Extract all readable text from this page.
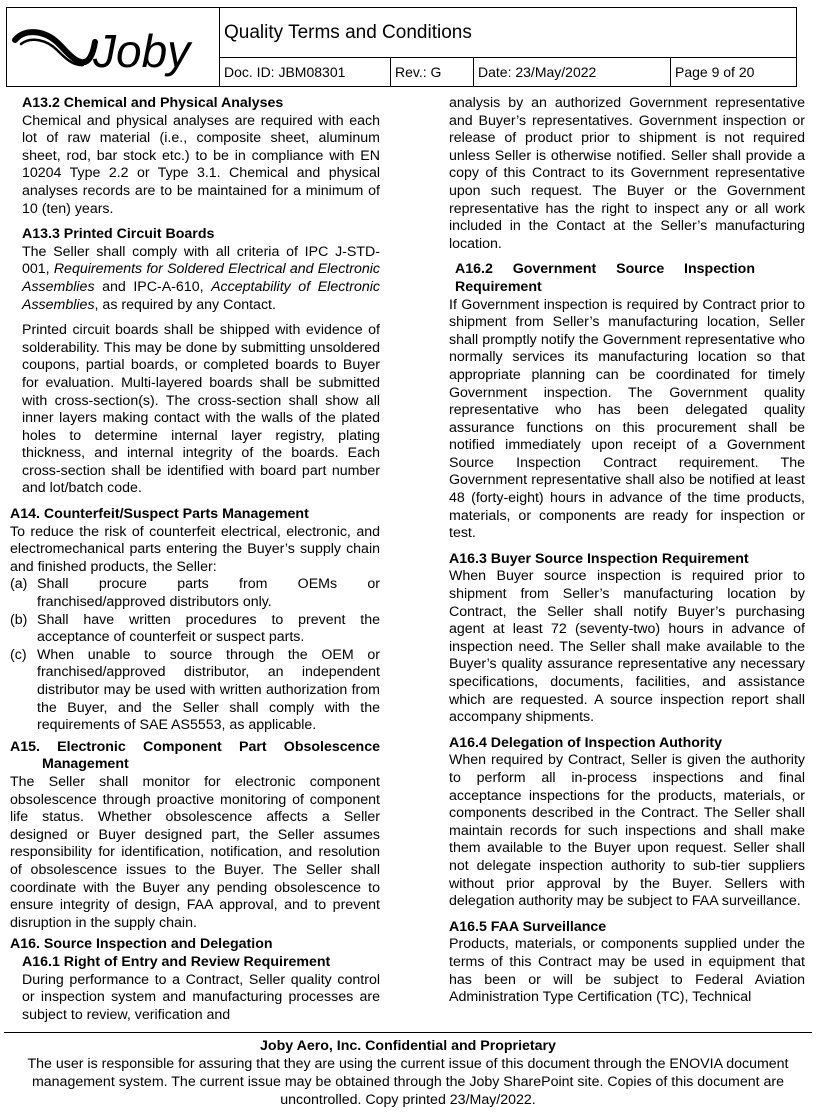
Joby	Quality Terms and Conditions			
	Doc. ID: JBM08301	Rev.: G	Date: 23/May/2022	Page 9 of 20

A13.2 Chemical and Physical Analyses

Chemical and physical analyses are required with each lot of raw material (i.e., composite sheet, aluminum sheet, rod, bar stock etc.) to be in compliance with EN 10204 Type 2.2 or Type 3.1. Chemical and physical analyses records are to be maintained for a minimum of 10 (ten) years.

A13.3 Printed Circuit Boards

The Seller shall comply with all criteria of IPC J-STD-001, Requirements for Soldered Electrical and Electronic Assemblies and IPC-A-610, Acceptability of Electronic Assemblies, as required by any Contact.

Printed circuit boards shall be shipped with evidence of solderability. This may be done by submitting unsoldered coupons, partial boards, or completed boards to Buyer for evaluation. Multi-layered boards shall be submitted with cross-section(s). The cross-section shall show all inner layers making contact with the walls of the plated holes to determine internal layer registry, plating thickness, and internal integrity of the boards. Each cross-section shall be identified with board part number and lot/batch code.

A14. Counterfeit/Suspect Parts Management

To reduce the risk of counterfeit electrical, electronic, and electromechanical parts entering the Buyer’s supply chain and finished products, the Seller:

(a) Shall procure parts from OEMs or franchised/approved distributors only.
(b) Shall have written procedures to prevent the acceptance of counterfeit or suspect parts.
(c) When unable to source through the OEM or franchised/approved distributor, an independent distributor may be used with written authorization from the Buyer, and the Seller shall comply with the requirements of SAE AS5553, as applicable.

A15. Electronic Component Part Obsolescence Management

The Seller shall monitor for electronic component obsolescence through proactive monitoring of component life status. Whether obsolescence affects a Seller designed or Buyer designed part, the Seller assumes responsibility for identification, notification, and resolution of obsolescence issues to the Buyer. The Seller shall coordinate with the Buyer any pending obsolescence to ensure integrity of design, FAA approval, and to prevent disruption in the supply chain.

A16. Source Inspection and Delegation

A16.1 Right of Entry and Review Requirement

During performance to a Contract, Seller quality control or inspection system and manufacturing processes are subject to review, verification and

analysis by an authorized Government representative and Buyer’s representatives. Government inspection or release of product prior to shipment is not required unless Seller is otherwise notified. Seller shall provide a copy of this Contract to its Government representative upon such request. The Buyer or the Government representative has the right to inspect any or all work included in the Contact at the Seller’s manufacturing location.

A16.2 Government Source Inspection Requirement

If Government inspection is required by Contract prior to shipment from Seller’s manufacturing location, Seller shall promptly notify the Government representative who normally services its manufacturing location so that appropriate planning can be coordinated for timely Government inspection. The Government quality representative who has been delegated quality assurance functions on this procurement shall be notified immediately upon receipt of a Government Source Inspection Contract requirement. The Government representative shall also be notified at least 48 (forty-eight) hours in advance of the time products, materials, or components are ready for inspection or test.

A16.3 Buyer Source Inspection Requirement

When Buyer source inspection is required prior to shipment from Seller’s manufacturing location by Contract, the Seller shall notify Buyer’s purchasing agent at least 72 (seventy-two) hours in advance of inspection need. The Seller shall make available to the Buyer’s quality assurance representative any necessary specifications, documents, facilities, and assistance which are requested. A source inspection report shall accompany shipments.

A16.4 Delegation of Inspection Authority

When required by Contract, Seller is given the authority to perform all in-process inspections and final acceptance inspections for the products, materials, or components described in the Contract. The Seller shall maintain records for such inspections and shall make them available to the Buyer upon request. Seller shall not delegate inspection authority to sub-tier suppliers without prior approval by the Buyer. Sellers with delegation authority may be subject to FAA surveillance.

A16.5 FAA Surveillance

Products, materials, or components supplied under the terms of this Contract may be used in equipment that has been or will be subject to Federal Aviation Administration Type Certification (TC), Technical

Joby Aero, Inc. Confidential and Proprietary
The user is responsible for assuring that they are using the current issue of this document through the ENOVIA document management system. The current issue may be obtained through the Joby SharePoint site. Copies of this document are uncontrolled. Copy printed 23/May/2022.
